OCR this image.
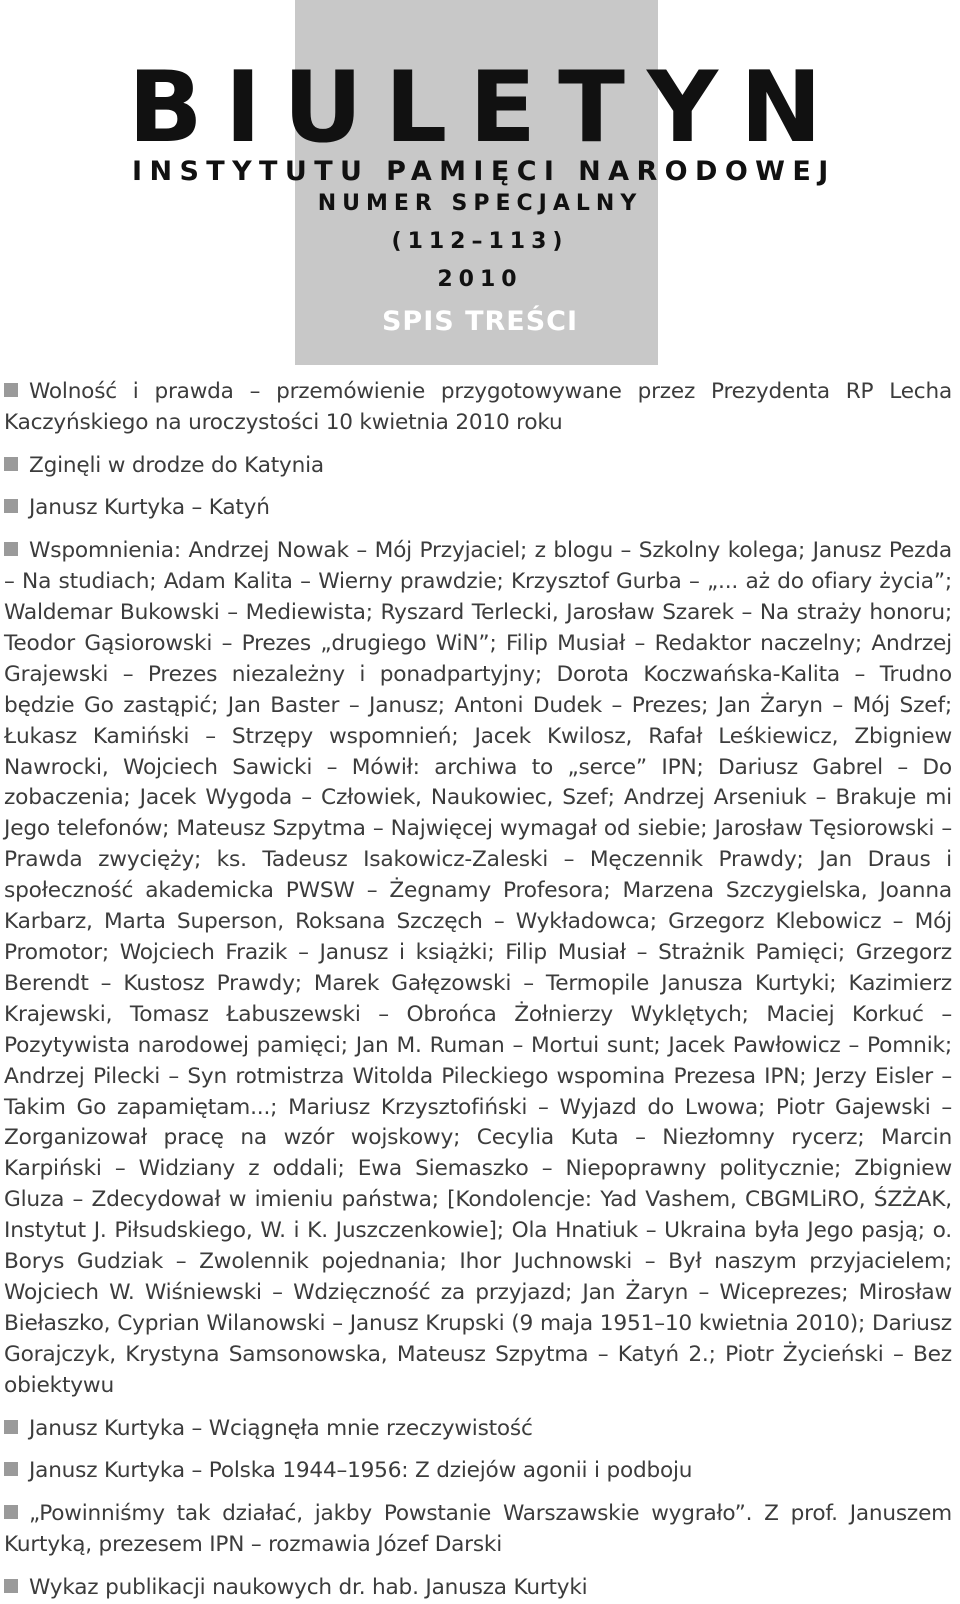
BIULETYN
INSTYTUTU PAMIĘCI NARODOWEJ
NUMER SPECJALNY
(112–113)
2010
SPIS TREŚCI
Wolność i prawda – przemówienie przygotowywane przez Prezydenta RP Lecha Kaczyńskiego na uroczystości 10 kwietnia 2010 roku
Zginęli w drodze do Katynia
Janusz Kurtyka – Katyń
Wspomnienia: Andrzej Nowak – Mój Przyjaciel; z blogu – Szkolny kolega; Janusz Pezda – Na studiach; Adam Kalita – Wierny prawdzie; Krzysztof Gurba – „... aż do ofiary życia”; Waldemar Bukowski – Mediewista; Ryszard Terlecki, Jarosław Szarek – Na straży honoru; Teodor Gąsiorowski – Prezes „drugiego WiN”; Filip Musiał – Redaktor naczelny; Andrzej Grajewski – Prezes niezależny i ponadpartyjny; Dorota Koczwańska-Kalita – Trudno będzie Go zastąpić; Jan Baster – Janusz; Antoni Dudek – Prezes; Jan Żaryn – Mój Szef; Łukasz Kamiński – Strzępy wspomnień; Jacek Kwilosz, Rafał Leśkiewicz, Zbigniew Nawrocki, Wojciech Sawicki – Mówił: archiwa to „serce” IPN; Dariusz Gabrel – Do zobaczenia; Jacek Wygoda – Człowiek, Naukowiec, Szef; Andrzej Arseniuk – Brakuje mi Jego telefonów; Mateusz Szpytma – Najwięcej wymagał od siebie; Jarosław Tęsiorowski – Prawda zwycięży; ks. Tadeusz Isakowicz-Zaleski – Męczennik Prawdy; Jan Draus i społeczność akademicka PWSW – Żegnamy Profesora; Marzena Szczygielska, Joanna Karbarz, Marta Superson, Roksana Szczęch – Wykładowca; Grzegorz Klebowicz – Mój Promotor; Wojciech Frazik – Janusz i książki; Filip Musiał – Strażnik Pamięci; Grzegorz Berendt – Kustosz Prawdy; Marek Gałęzowski – Termopile Janusza Kurtyki; Kazimierz Krajewski, Tomasz Łabuszewski – Obrońca Żołnierzy Wyklętych; Maciej Korkuć – Pozytywista narodowej pamięci; Jan M. Ruman – Mortui sunt; Jacek Pawłowicz – Pomnik; Andrzej Pilecki – Syn rotmistrza Witolda Pileckiego wspomina Prezesa IPN; Jerzy Eisler – Takim Go zapamiętam...; Mariusz Krzysztofiński – Wyjazd do Lwowa; Piotr Gajewski – Zorganizował pracę na wzór wojskowy; Cecylia Kuta – Niezłomny rycerz; Marcin Karpiński – Widziany z oddali; Ewa Siemaszko – Niepoprawny politycznie; Zbigniew Gluza – Zdecydował w imieniu państwa; [Kondolencje: Yad Vashem, CBGMLiRO, ŚZŻAK, Instytut J. Piłsudskiego, W. i K. Juszczenkowie]; Ola Hnatiuk – Ukraina była Jego pasją; o. Borys Gudziak – Zwolennik pojednania; Ihor Juchnowski – Był naszym przyjacielem; Wojciech W. Wiśniewski – Wdzięczność za przyjazd; Jan Żaryn – Wiceprezes; Mirosław Biełaszko, Cyprian Wilanowski – Janusz Krupski (9 maja 1951–10 kwietnia 2010); Dariusz Gorajczyk, Krystyna Samsonowska, Mateusz Szpytma – Katyń 2.; Piotr Życieński – Bez obiektywu
Janusz Kurtyka – Wciągnęła mnie rzeczywistość
Janusz Kurtyka – Polska 1944–1956: Z dziejów agonii i podboju
„Powinniśmy tak działać, jakby Powstanie Warszawskie wygrało”. Z prof. Januszem Kurtyką, prezesem IPN – rozmawia Józef Darski
Wykaz publikacji naukowych dr. hab. Janusza Kurtyki
